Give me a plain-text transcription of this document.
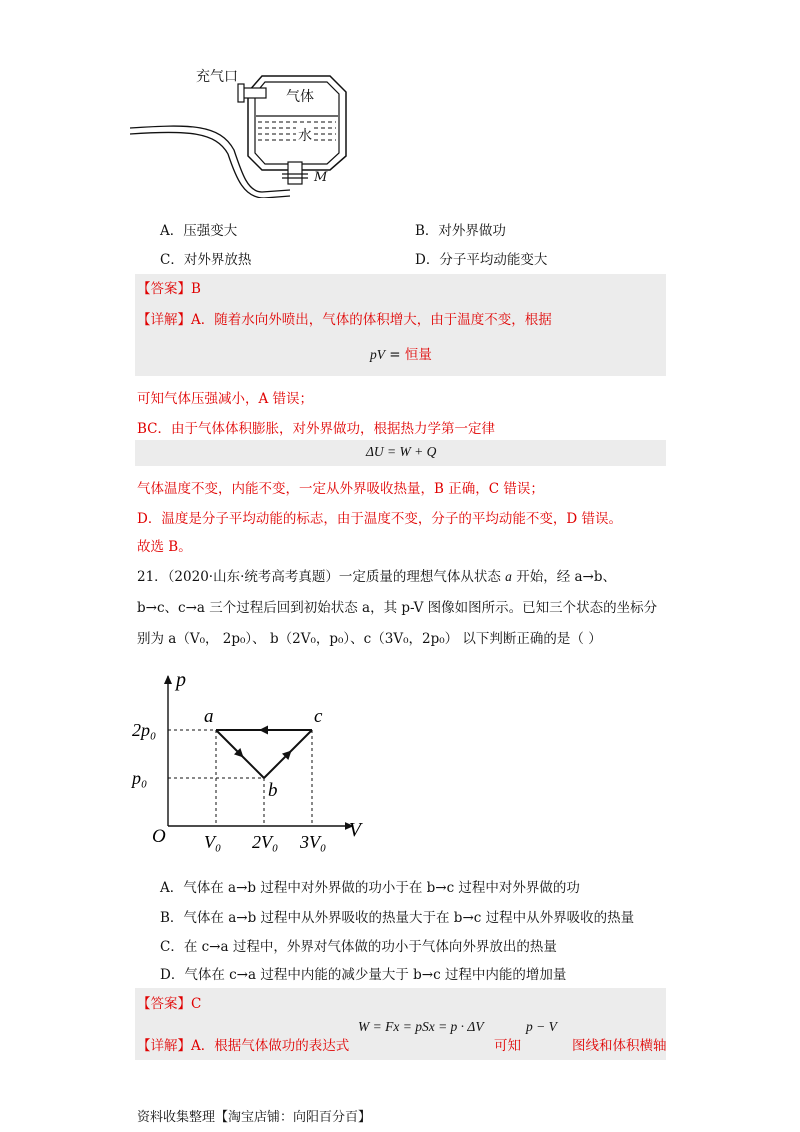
充气口
气体
水
M
A．压强变大	B．对外界做功
C．对外界放热	D．分子平均动能变大
【答案】B
【详解】A．随着水向外喷出，气体的体积增大，由于温度不变，根据
pV = 恒量
可知气体压强减小，A 错误；
BC．由于气体体积膨胀，对外界做功，根据热力学第一定律
ΔU = W + Q
气体温度不变，内能不变，一定从外界吸收热量，B 正确，C 错误；
D．温度是分子平均动能的标志，由于温度不变，分子的平均动能不变，D 错误。
故选 B。
21．（2020·山东·统考高考真题）一定质量的理想气体从状态 a 开始，经 a→b、
b→c、c→a 三个过程后回到初始状态 a，其 p-V 图像如图所示。已知三个状态的坐标分
别为 a（V₀， 2p₀）、 b（2V₀，p₀）、c（3V₀，2p₀） 以下判断正确的是（ ）
p
V
O V₀ 2V₀ 3V₀
p₀
2p₀
a
b
c
A．气体在 a→b 过程中对外界做的功小于在 b→c 过程中对外界做的功
B．气体在 a→b 过程中从外界吸收的热量大于在 b→c 过程中从外界吸收的热量
C．在 c→a 过程中，外界对气体做的功小于气体向外界放出的热量
D．气体在 c→a 过程中内能的减少量大于 b→c 过程中内能的增加量
【答案】C
【详解】A．根据气体做功的表达式
W = Fx = pSx = p · ΔV
可知
p − V
图线和体积横轴
资料收集整理【淘宝店铺：向阳百分百】
